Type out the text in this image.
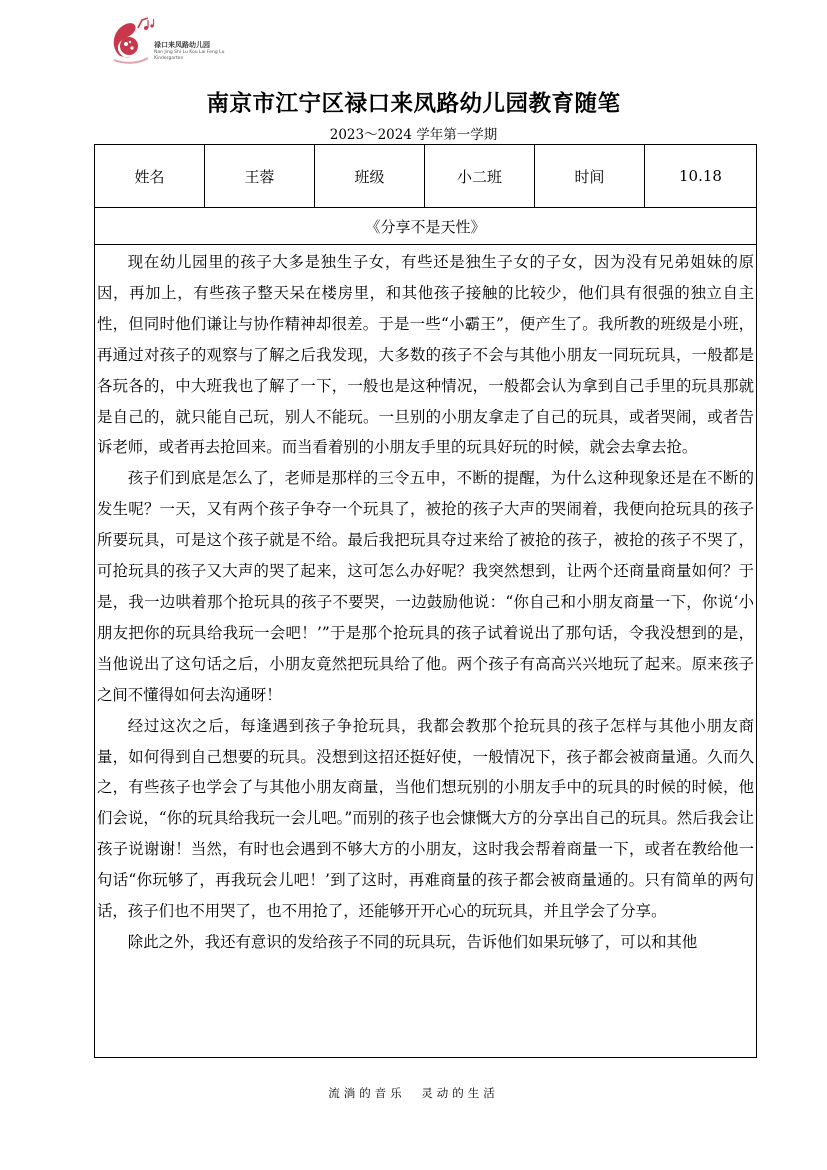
禄口来凤路幼儿园
Nan Jing Shi Lu Kou Lai Feng Lu Kindergarten
南京市江宁区禄口来凤路幼儿园教育随笔
2023～2024 学年第一学期
姓名	王蓉	班级	小二班	时间	10.18
《分享不是天性》

现在幼儿园里的孩子大多是独生子女，有些还是独生子女的子女，因为没有兄弟姐妹的原因，再加上，有些孩子整天呆在楼房里，和其他孩子接触的比较少，他们具有很强的独立自主性，但同时他们谦让与协作精神却很差。于是一些“小霸王”，便产生了。我所教的班级是小班，再通过对孩子的观察与了解之后我发现，大多数的孩子不会与其他小朋友一同玩玩具，一般都是各玩各的，中大班我也了解了一下，一般也是这种情况，一般都会认为拿到自己手里的玩具那就是自己的，就只能自己玩，别人不能玩。一旦别的小朋友拿走了自己的玩具，或者哭闹，或者告诉老师，或者再去抢回来。而当看着别的小朋友手里的玩具好玩的时候，就会去拿去抢。

孩子们到底是怎么了，老师是那样的三令五申，不断的提醒，为什么这种现象还是在不断的发生呢？一天，又有两个孩子争夺一个玩具了，被抢的孩子大声的哭闹着，我便向抢玩具的孩子所要玩具，可是这个孩子就是不给。最后我把玩具夺过来给了被抢的孩子，被抢的孩子不哭了，可抢玩具的孩子又大声的哭了起来，这可怎么办好呢？我突然想到，让两个还商量商量如何？于是，我一边哄着那个抢玩具的孩子不要哭，一边鼓励他说：“你自己和小朋友商量一下，你说‘小朋友把你的玩具给我玩一会吧！’”于是那个抢玩具的孩子试着说出了那句话，令我没想到的是，当他说出了这句话之后，小朋友竟然把玩具给了他。两个孩子有高高兴兴地玩了起来。原来孩子之间不懂得如何去沟通呀！

经过这次之后，每逢遇到孩子争抢玩具，我都会教那个抢玩具的孩子怎样与其他小朋友商量，如何得到自己想要的玩具。没想到这招还挺好使，一般情况下，孩子都会被商量通。久而久之，有些孩子也学会了与其他小朋友商量，当他们想玩别的小朋友手中的玩具的时候的时候，他们会说，“你的玩具给我玩一会儿吧。”而别的孩子也会慷慨大方的分享出自己的玩具。然后我会让孩子说谢谢！当然，有时也会遇到不够大方的小朋友，这时我会帮着商量一下，或者在教给他一句话“你玩够了，再我玩会儿吧！’到了这时，再难商量的孩子都会被商量通的。只有简单的两句话，孩子们也不用哭了，也不用抢了，还能够开开心心的玩玩具，并且学会了分享。

除此之外，我还有意识的发给孩子不同的玩具玩，告诉他们如果玩够了，可以和其他

流淌的音乐　灵动的生活
